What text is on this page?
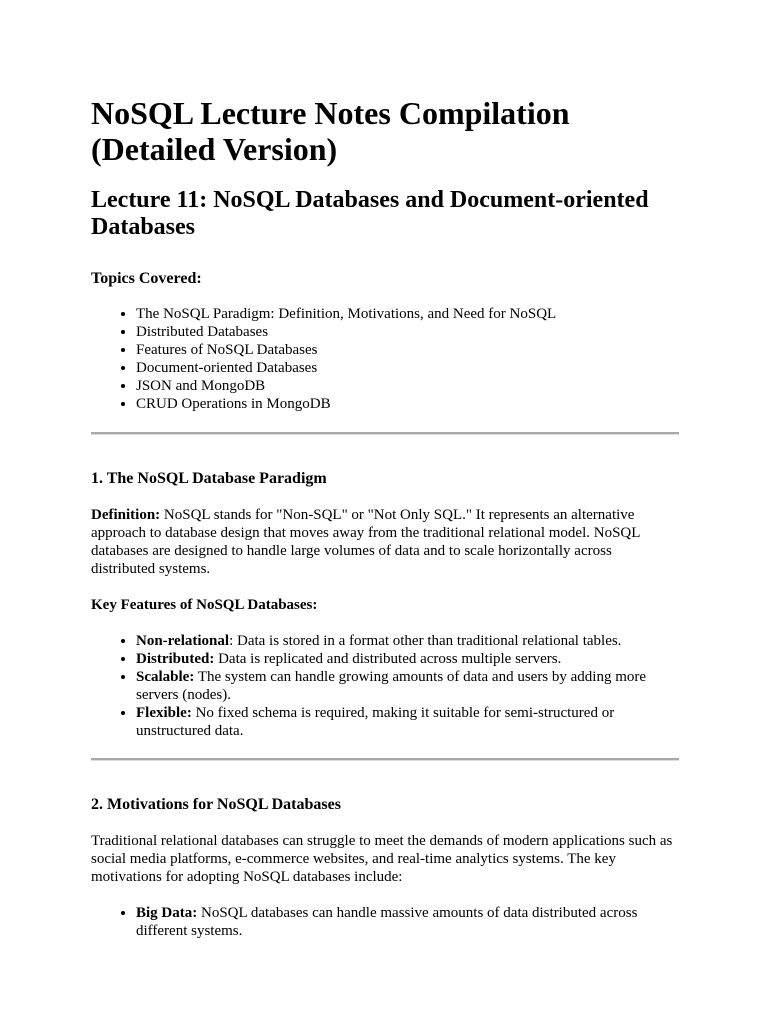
NoSQL Lecture Notes Compilation (Detailed Version)
Lecture 11: NoSQL Databases and Document-oriented Databases
Topics Covered:
• The NoSQL Paradigm: Definition, Motivations, and Need for NoSQL
• Distributed Databases
• Features of NoSQL Databases
• Document-oriented Databases
• JSON and MongoDB
• CRUD Operations in MongoDB
1. The NoSQL Database Paradigm

Definition: NoSQL stands for "Non-SQL" or "Not Only SQL." It represents an alternative approach to database design that moves away from the traditional relational model. NoSQL databases are designed to handle large volumes of data and to scale horizontally across distributed systems.

Key Features of NoSQL Databases:

• Non-relational: Data is stored in a format other than traditional relational tables.
• Distributed: Data is replicated and distributed across multiple servers.
• Scalable: The system can handle growing amounts of data and users by adding more servers (nodes).
• Flexible: No fixed schema is required, making it suitable for semi-structured or unstructured data.
2. Motivations for NoSQL Databases

Traditional relational databases can struggle to meet the demands of modern applications such as social media platforms, e-commerce websites, and real-time analytics systems. The key motivations for adopting NoSQL databases include:

• Big Data: NoSQL databases can handle massive amounts of data distributed across different systems.
